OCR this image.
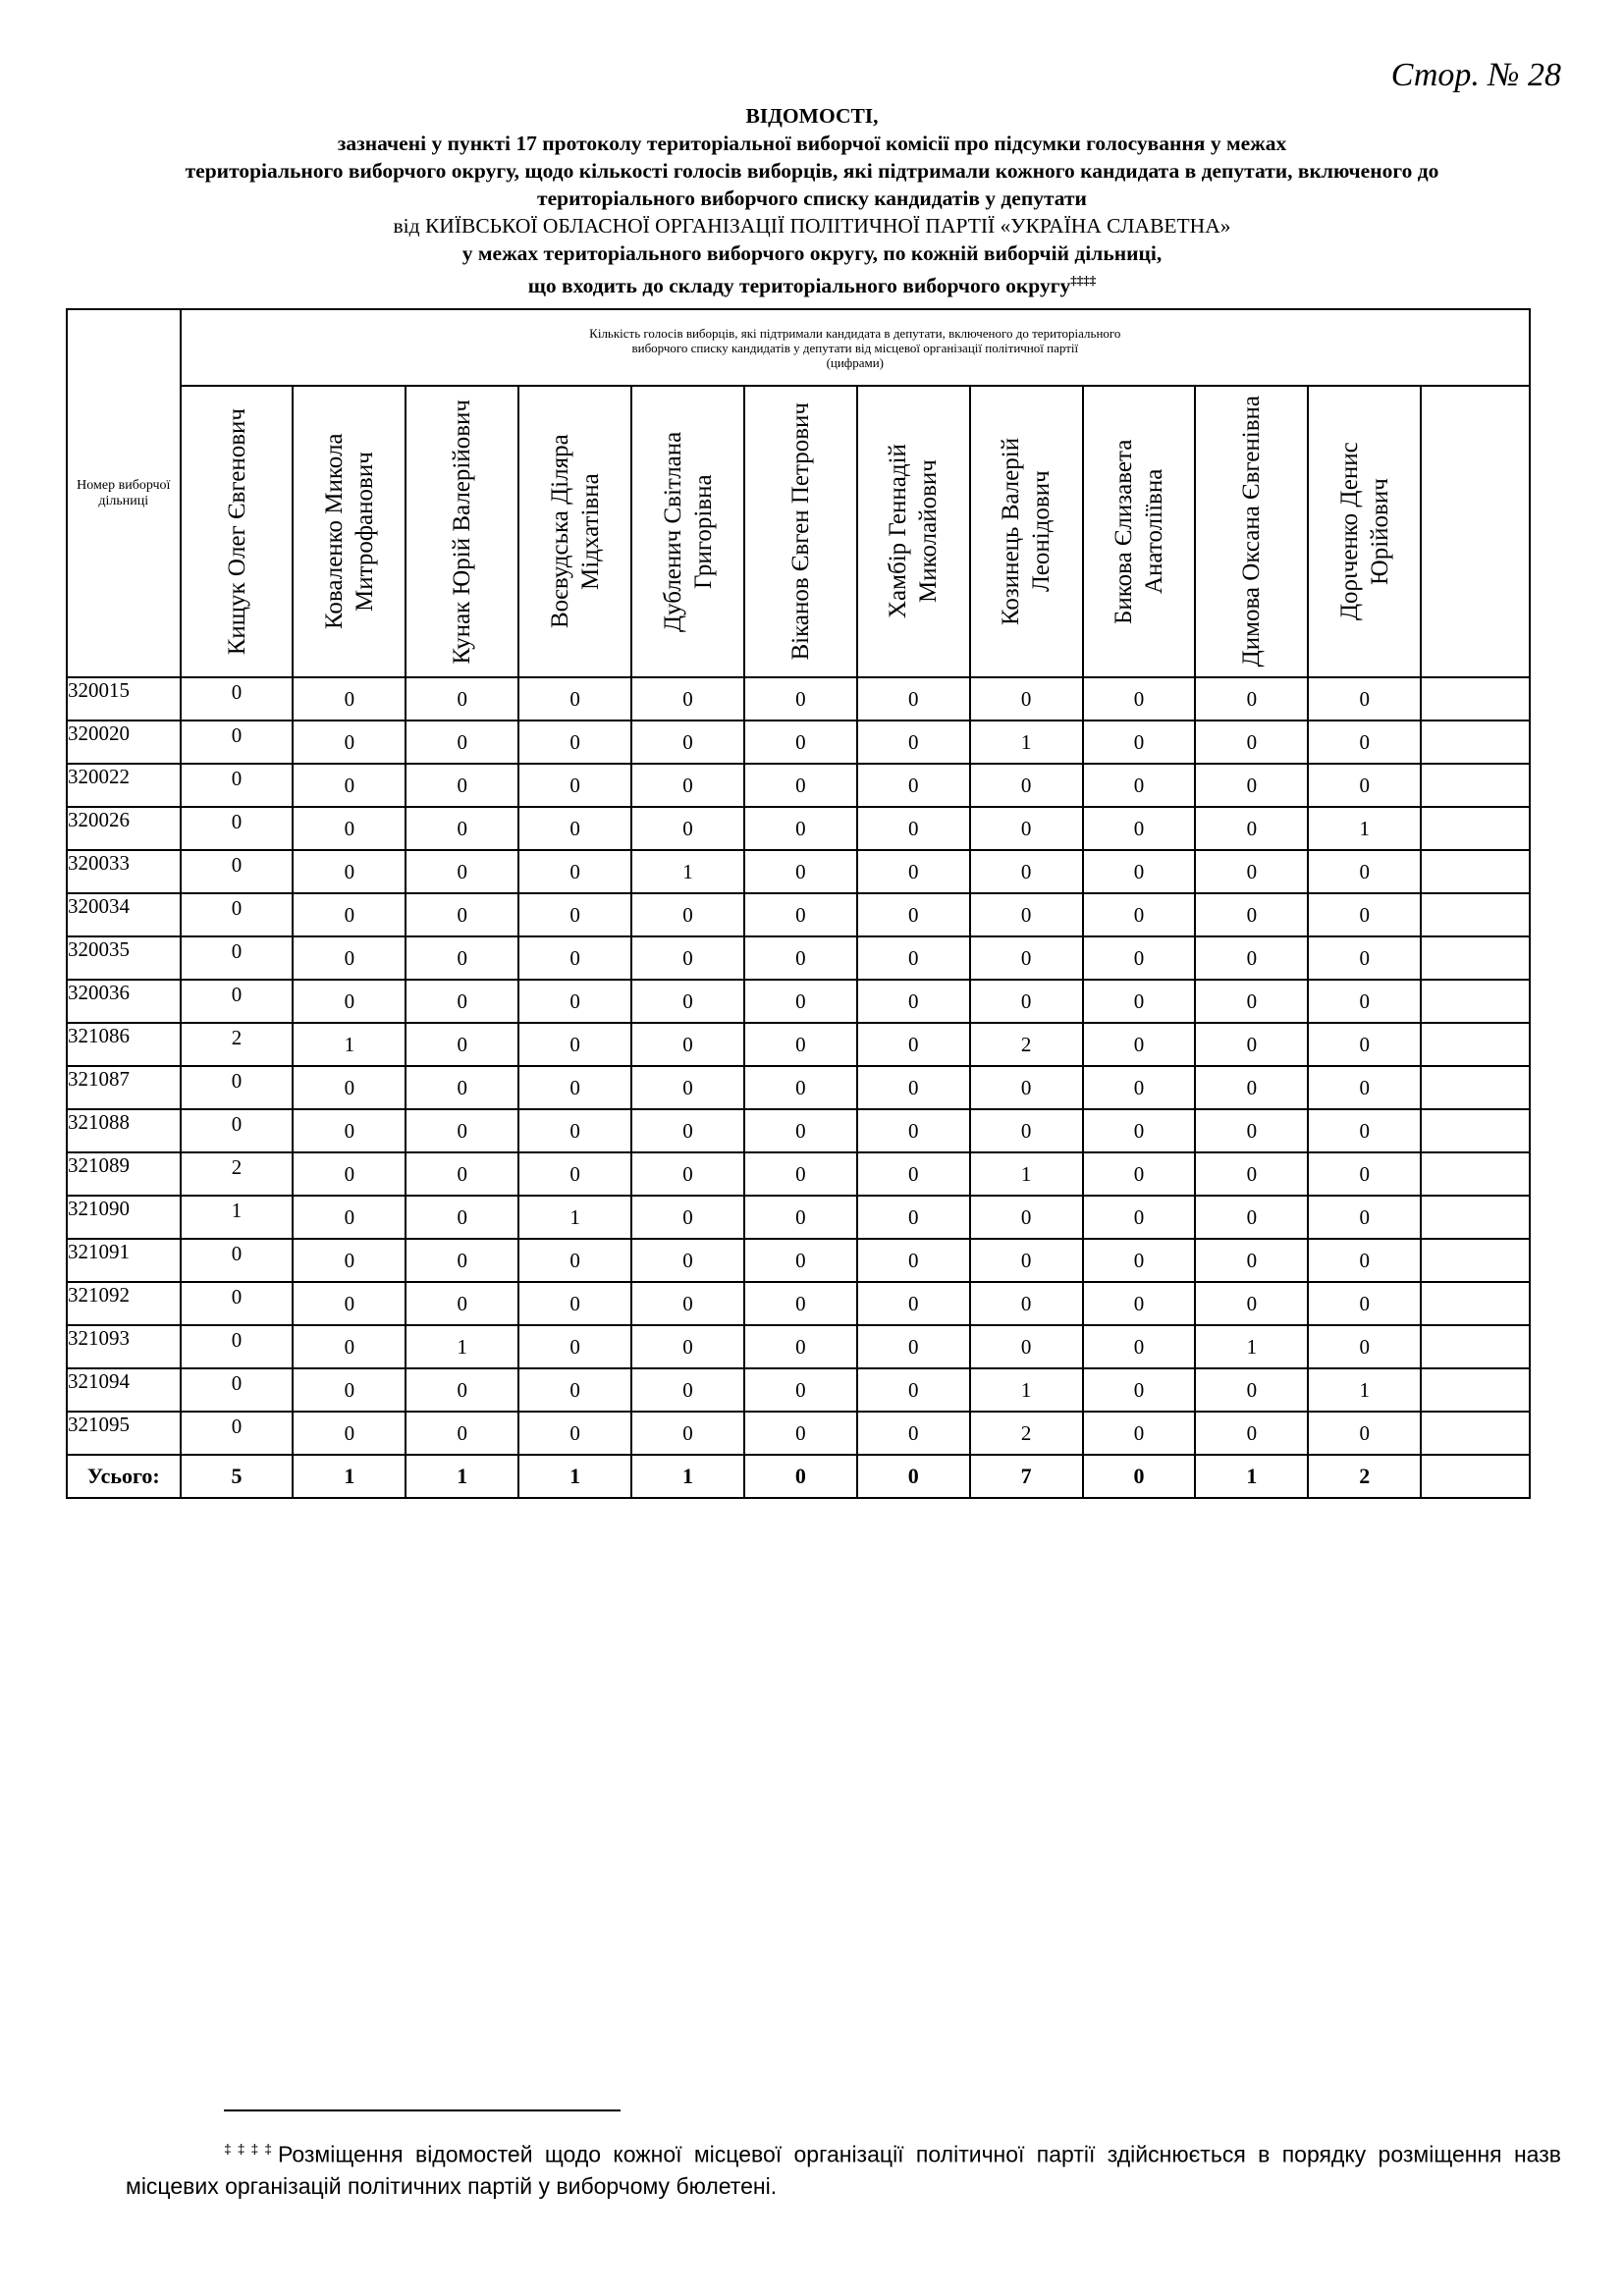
Стор. № 28
ВІДОМОСТІ,
зазначені у пункті 17 протоколу територіальної виборчої комісії про підсумки голосування у межах
територіального виборчого округу, щодо кількості голосів виборців, які підтримали кожного кандидата в депутати, включеного до
територіального виборчого списку кандидатів у депутати
від КИЇВСЬКОЇ ОБЛАСНОЇ ОРГАНІЗАЦІЇ ПОЛІТИЧНОЇ ПАРТІЇ «УКРАЇНА СЛАВЕТНА»
у межах територіального виборчого округу, по кожній виборчій дільниці,
що входить до складу територіального виборчого округу‡‡‡‡
Номер виборчої дільниці	Кількість голосів виборців, які підтримали кандидата в депутати, включеного до територіального
виборчого списку кандидатів у депутати від місцевої організації політичної партії
(цифрами)											

	Кищук Олег Євгенович	Коваленко Микола Митрофанович	Кунак Юрій Валерійович	Воєвудська Діляра Мідхатівна	Дубленич Світлана Григорівна	Віканов Євген Петрович	Хамбір Геннадій Миколайович	Козинець Валерій Леонідович	Бикова Єлизавета Анатоліївна	Димова Оксана Євгенівна	Доριченко Денис Юрійович	

320015	0	0	0	0	0	0	0	0	0	0	0	
320020	0	0	0	0	0	0	0	1	0	0	0	
320022	0	0	0	0	0	0	0	0	0	0	0	
320026	0	0	0	0	0	0	0	0	0	0	1	
320033	0	0	0	0	1	0	0	0	0	0	0	
320034	0	0	0	0	0	0	0	0	0	0	0	
320035	0	0	0	0	0	0	0	0	0	0	0	
320036	0	0	0	0	0	0	0	0	0	0	0	
321086	2	1	0	0	0	0	0	2	0	0	0	
321087	0	0	0	0	0	0	0	0	0	0	0	
321088	0	0	0	0	0	0	0	0	0	0	0	
321089	2	0	0	0	0	0	0	1	0	0	0	
321090	1	0	0	1	0	0	0	0	0	0	0	
321091	0	0	0	0	0	0	0	0	0	0	0	
321092	0	0	0	0	0	0	0	0	0	0	0	
321093	0	0	1	0	0	0	0	0	0	1	0	
321094	0	0	0	0	0	0	0	1	0	0	1	
321095	0	0	0	0	0	0	0	2	0	0	0	
Усього:	5	1	1	1	1	0	0	7	0	1	2	
‡‡‡‡Розміщення відомостей щодо кожної місцевої організації політичної партії здійснюється в порядку розміщення назв місцевих організацій політичних партій у виборчому бюлетені.
